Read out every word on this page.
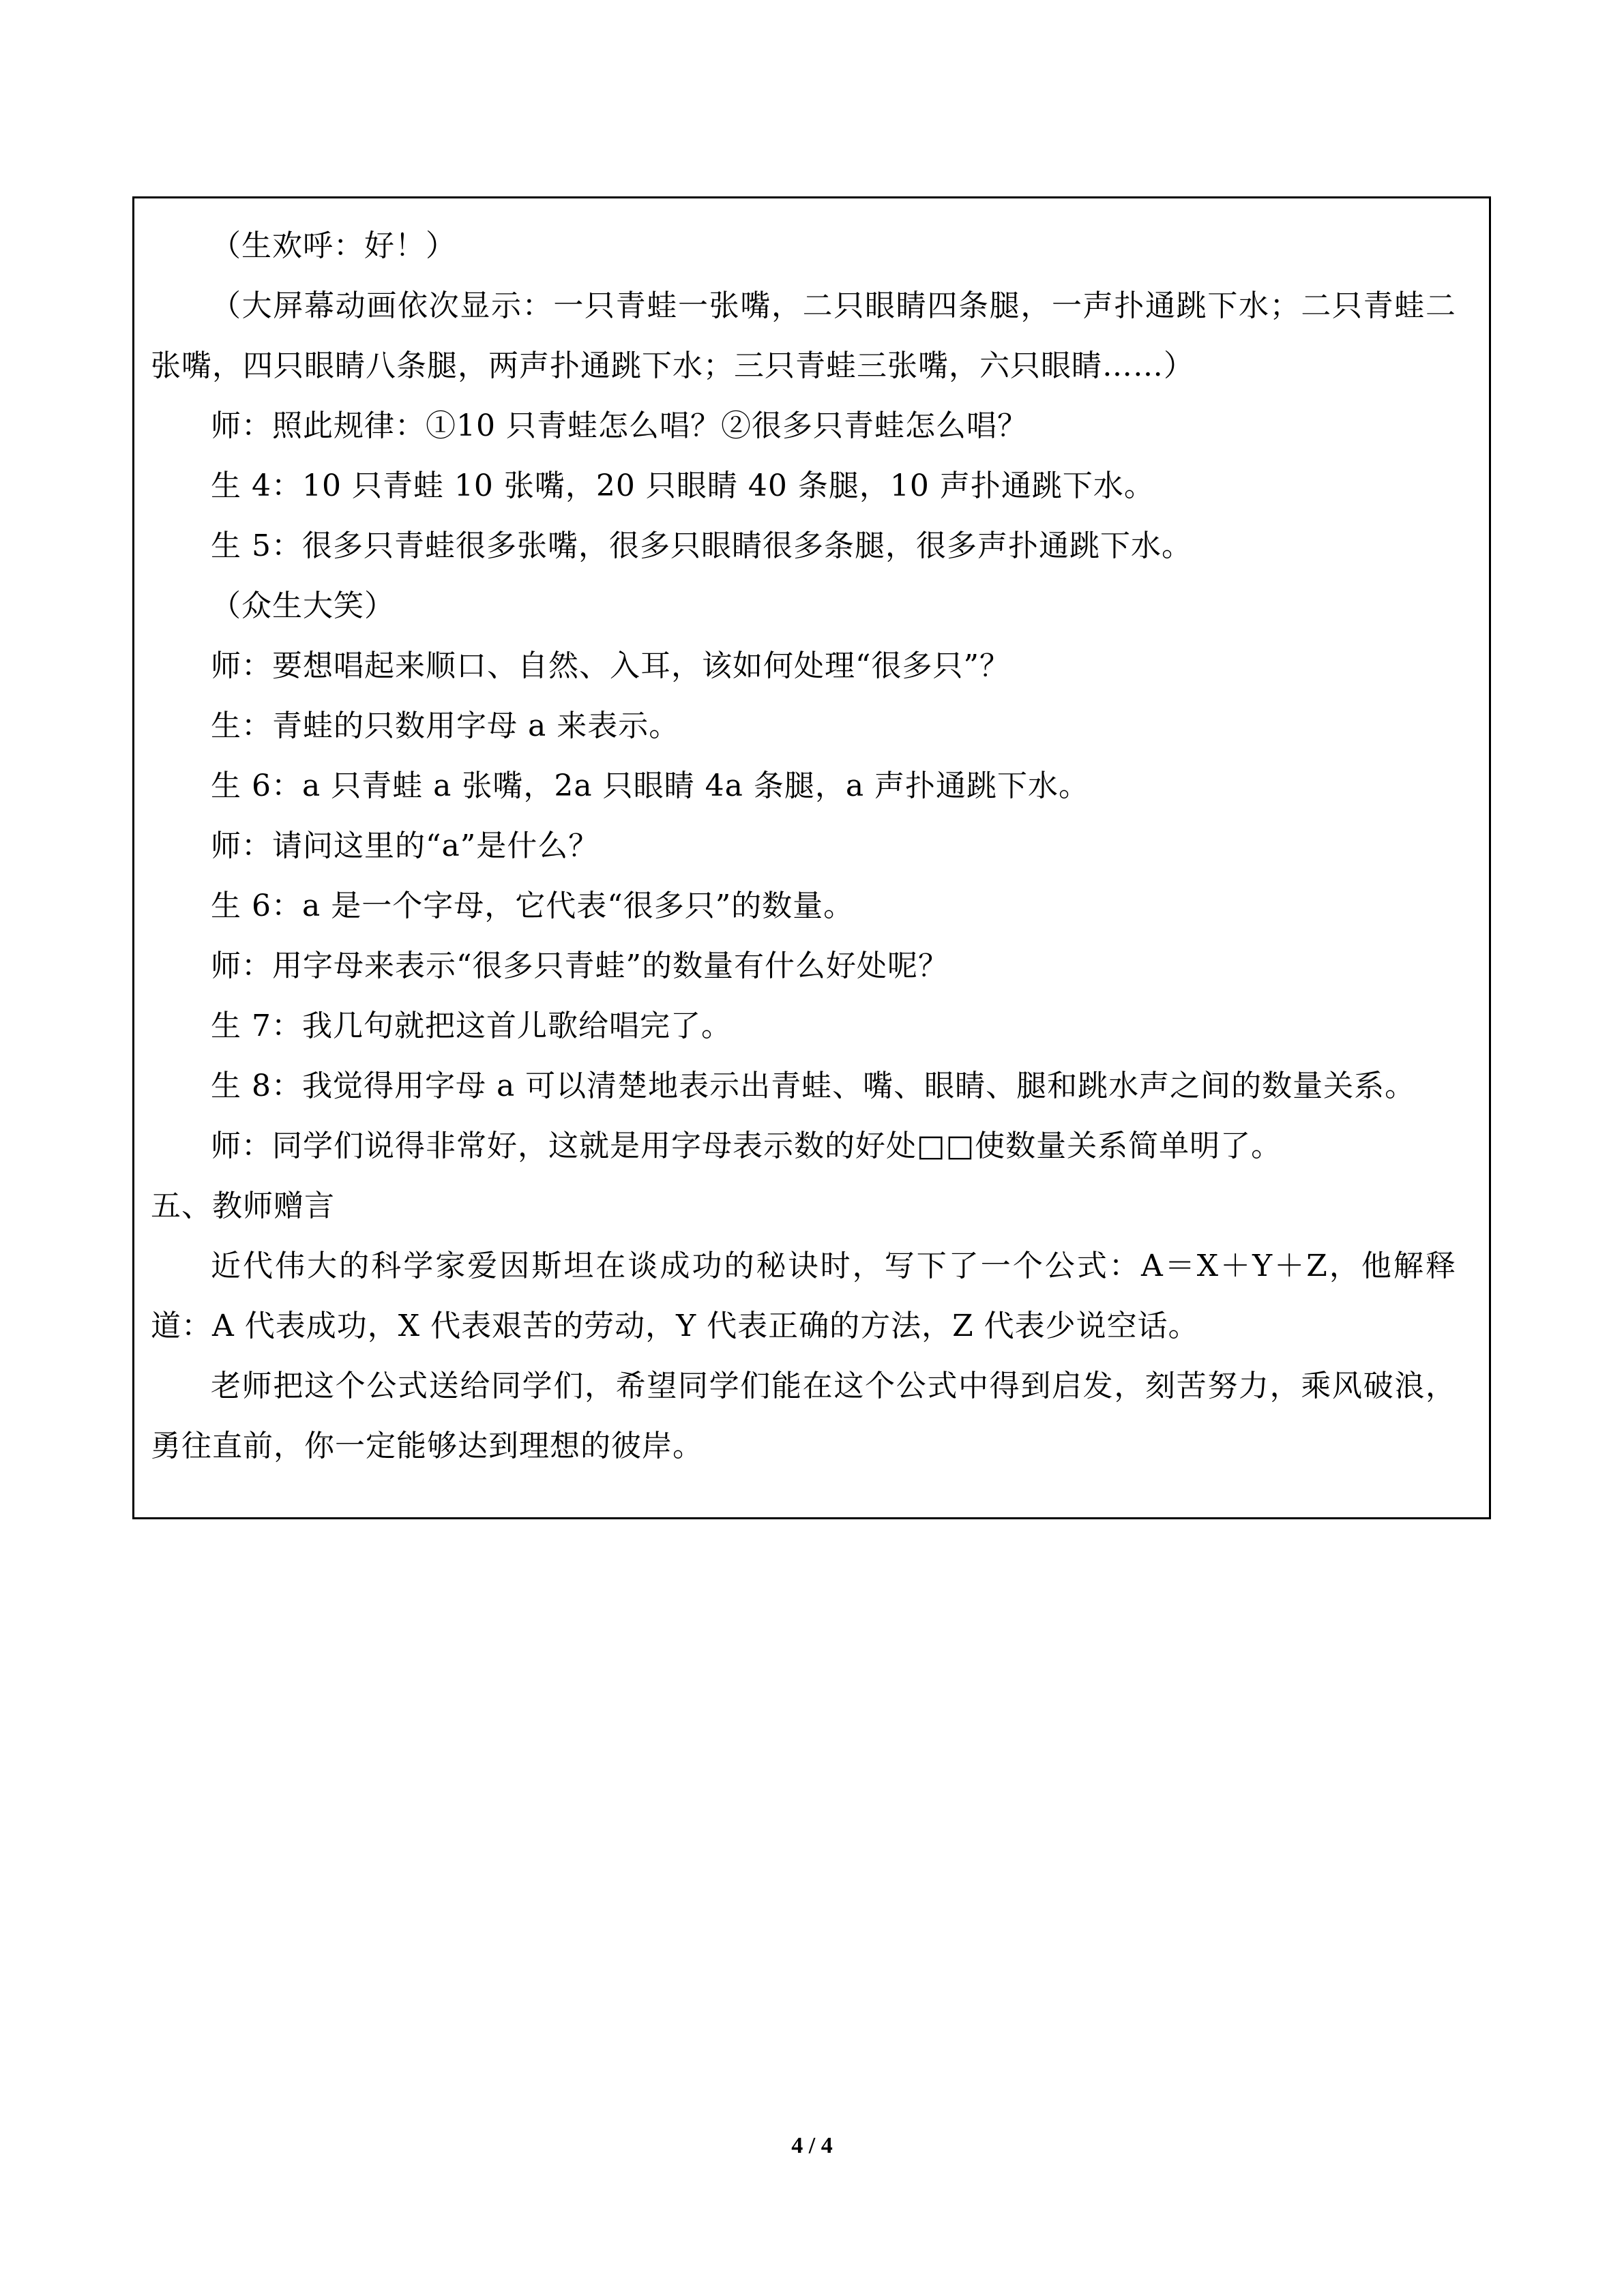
（生欢呼：好！）

（大屏幕动画依次显示：一只青蛙一张嘴，二只眼睛四条腿，一声扑通跳下水；二只青蛙二张嘴，四只眼睛八条腿，两声扑通跳下水；三只青蛙三张嘴，六只眼睛……）

师：照此规律：①10 只青蛙怎么唱？②很多只青蛙怎么唱？

生 4：10 只青蛙 10 张嘴，20 只眼睛 40 条腿，10 声扑通跳下水。

生 5：很多只青蛙很多张嘴，很多只眼睛很多条腿，很多声扑通跳下水。

（众生大笑）

师：要想唱起来顺口、自然、入耳，该如何处理“很多只”？

生：青蛙的只数用字母 a 来表示。

生 6：a 只青蛙 a 张嘴，2a 只眼睛 4a 条腿，a 声扑通跳下水。

师：请问这里的“a”是什么？

生 6：a 是一个字母，它代表“很多只”的数量。

师：用字母来表示“很多只青蛙”的数量有什么好处呢？

生 7：我几句就把这首儿歌给唱完了。

生 8：我觉得用字母 a 可以清楚地表示出青蛙、嘴、眼睛、腿和跳水声之间的数量关系。

师：同学们说得非常好，这就是用字母表示数的好处□□使数量关系简单明了。

五、教师赠言

近代伟大的科学家爱因斯坦在谈成功的秘诀时，写下了一个公式：A＝X＋Y＋Z，他解释道：A 代表成功，X 代表艰苦的劳动，Y 代表正确的方法，Z 代表少说空话。

老师把这个公式送给同学们，希望同学们能在这个公式中得到启发，刻苦努力，乘风破浪，勇往直前，你一定能够达到理想的彼岸。

4 / 4
